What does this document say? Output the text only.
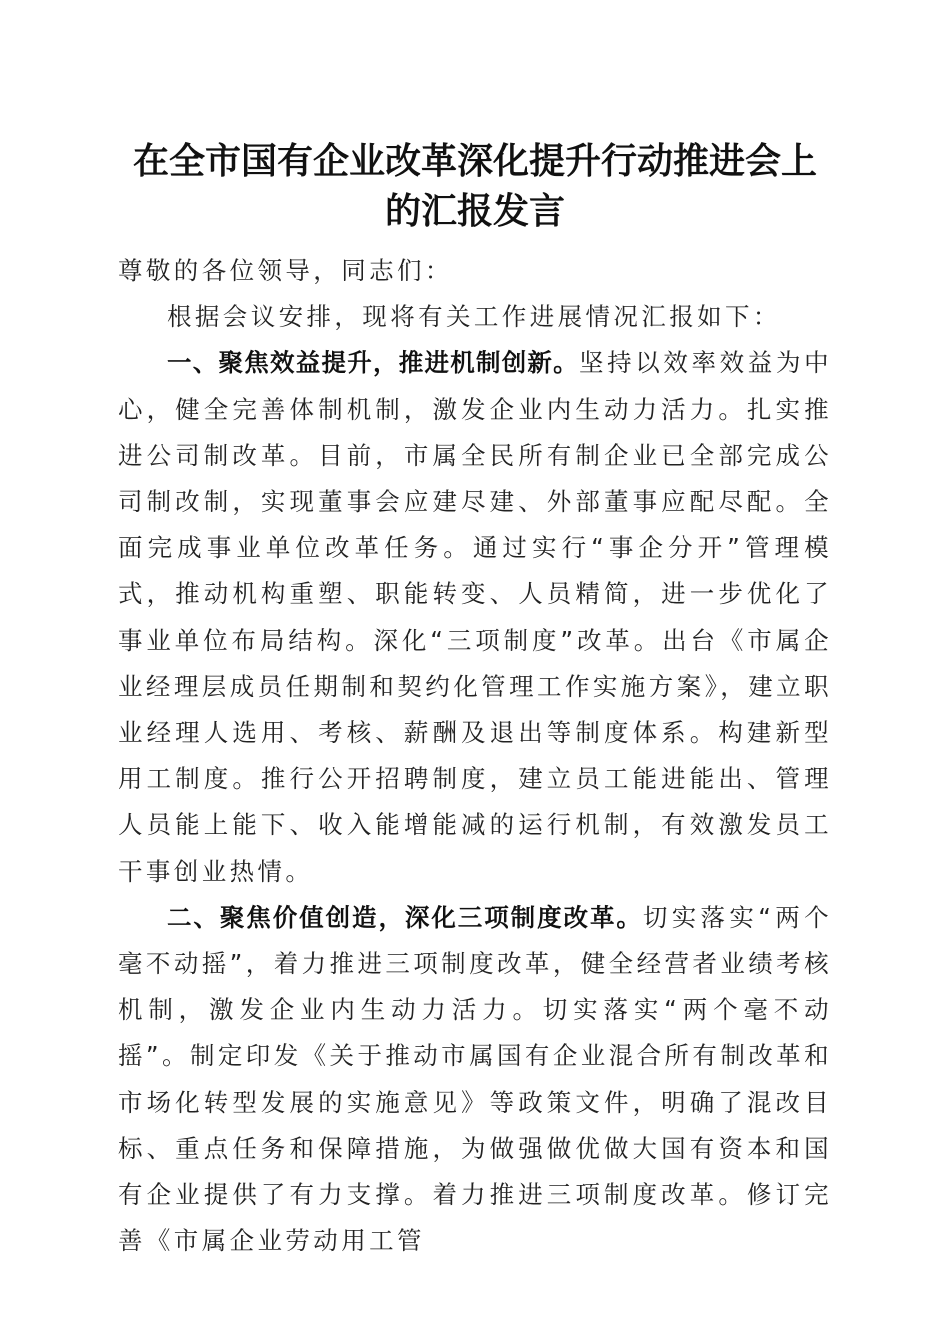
在全市国有企业改革深化提升行动推进会上的汇报发言

尊敬的各位领导，同志们：

根据会议安排，现将有关工作进展情况汇报如下：

一、聚焦效益提升，推进机制创新。坚持以效率效益为中心，健全完善体制机制，激发企业内生动力活力。扎实推进公司制改革。目前，市属全民所有制企业已全部完成公司制改制，实现董事会应建尽建、外部董事应配尽配。全面完成事业单位改革任务。通过实行“事企分开”管理模式，推动机构重塑、职能转变、人员精简，进一步优化了事业单位布局结构。深化“三项制度”改革。出台《市属企业经理层成员任期制和契约化管理工作实施方案》，建立职业经理人选用、考核、薪酬及退出等制度体系。构建新型用工制度。推行公开招聘制度，建立员工能进能出、管理人员能上能下、收入能增能减的运行机制，有效激发员工干事创业热情。

二、聚焦价值创造，深化三项制度改革。切实落实“两个毫不动摇”，着力推进三项制度改革，健全经营者业绩考核机制，激发企业内生动力活力。切实落实“两个毫不动摇”。制定印发《关于推动市属国有企业混合所有制改革和市场化转型发展的实施意见》等政策文件，明确了混改目标、重点任务和保障措施，为做强做优做大国有资本和国有企业提供了有力支撑。着力推进三项制度改革。修订完善《市属企业劳动用工管
